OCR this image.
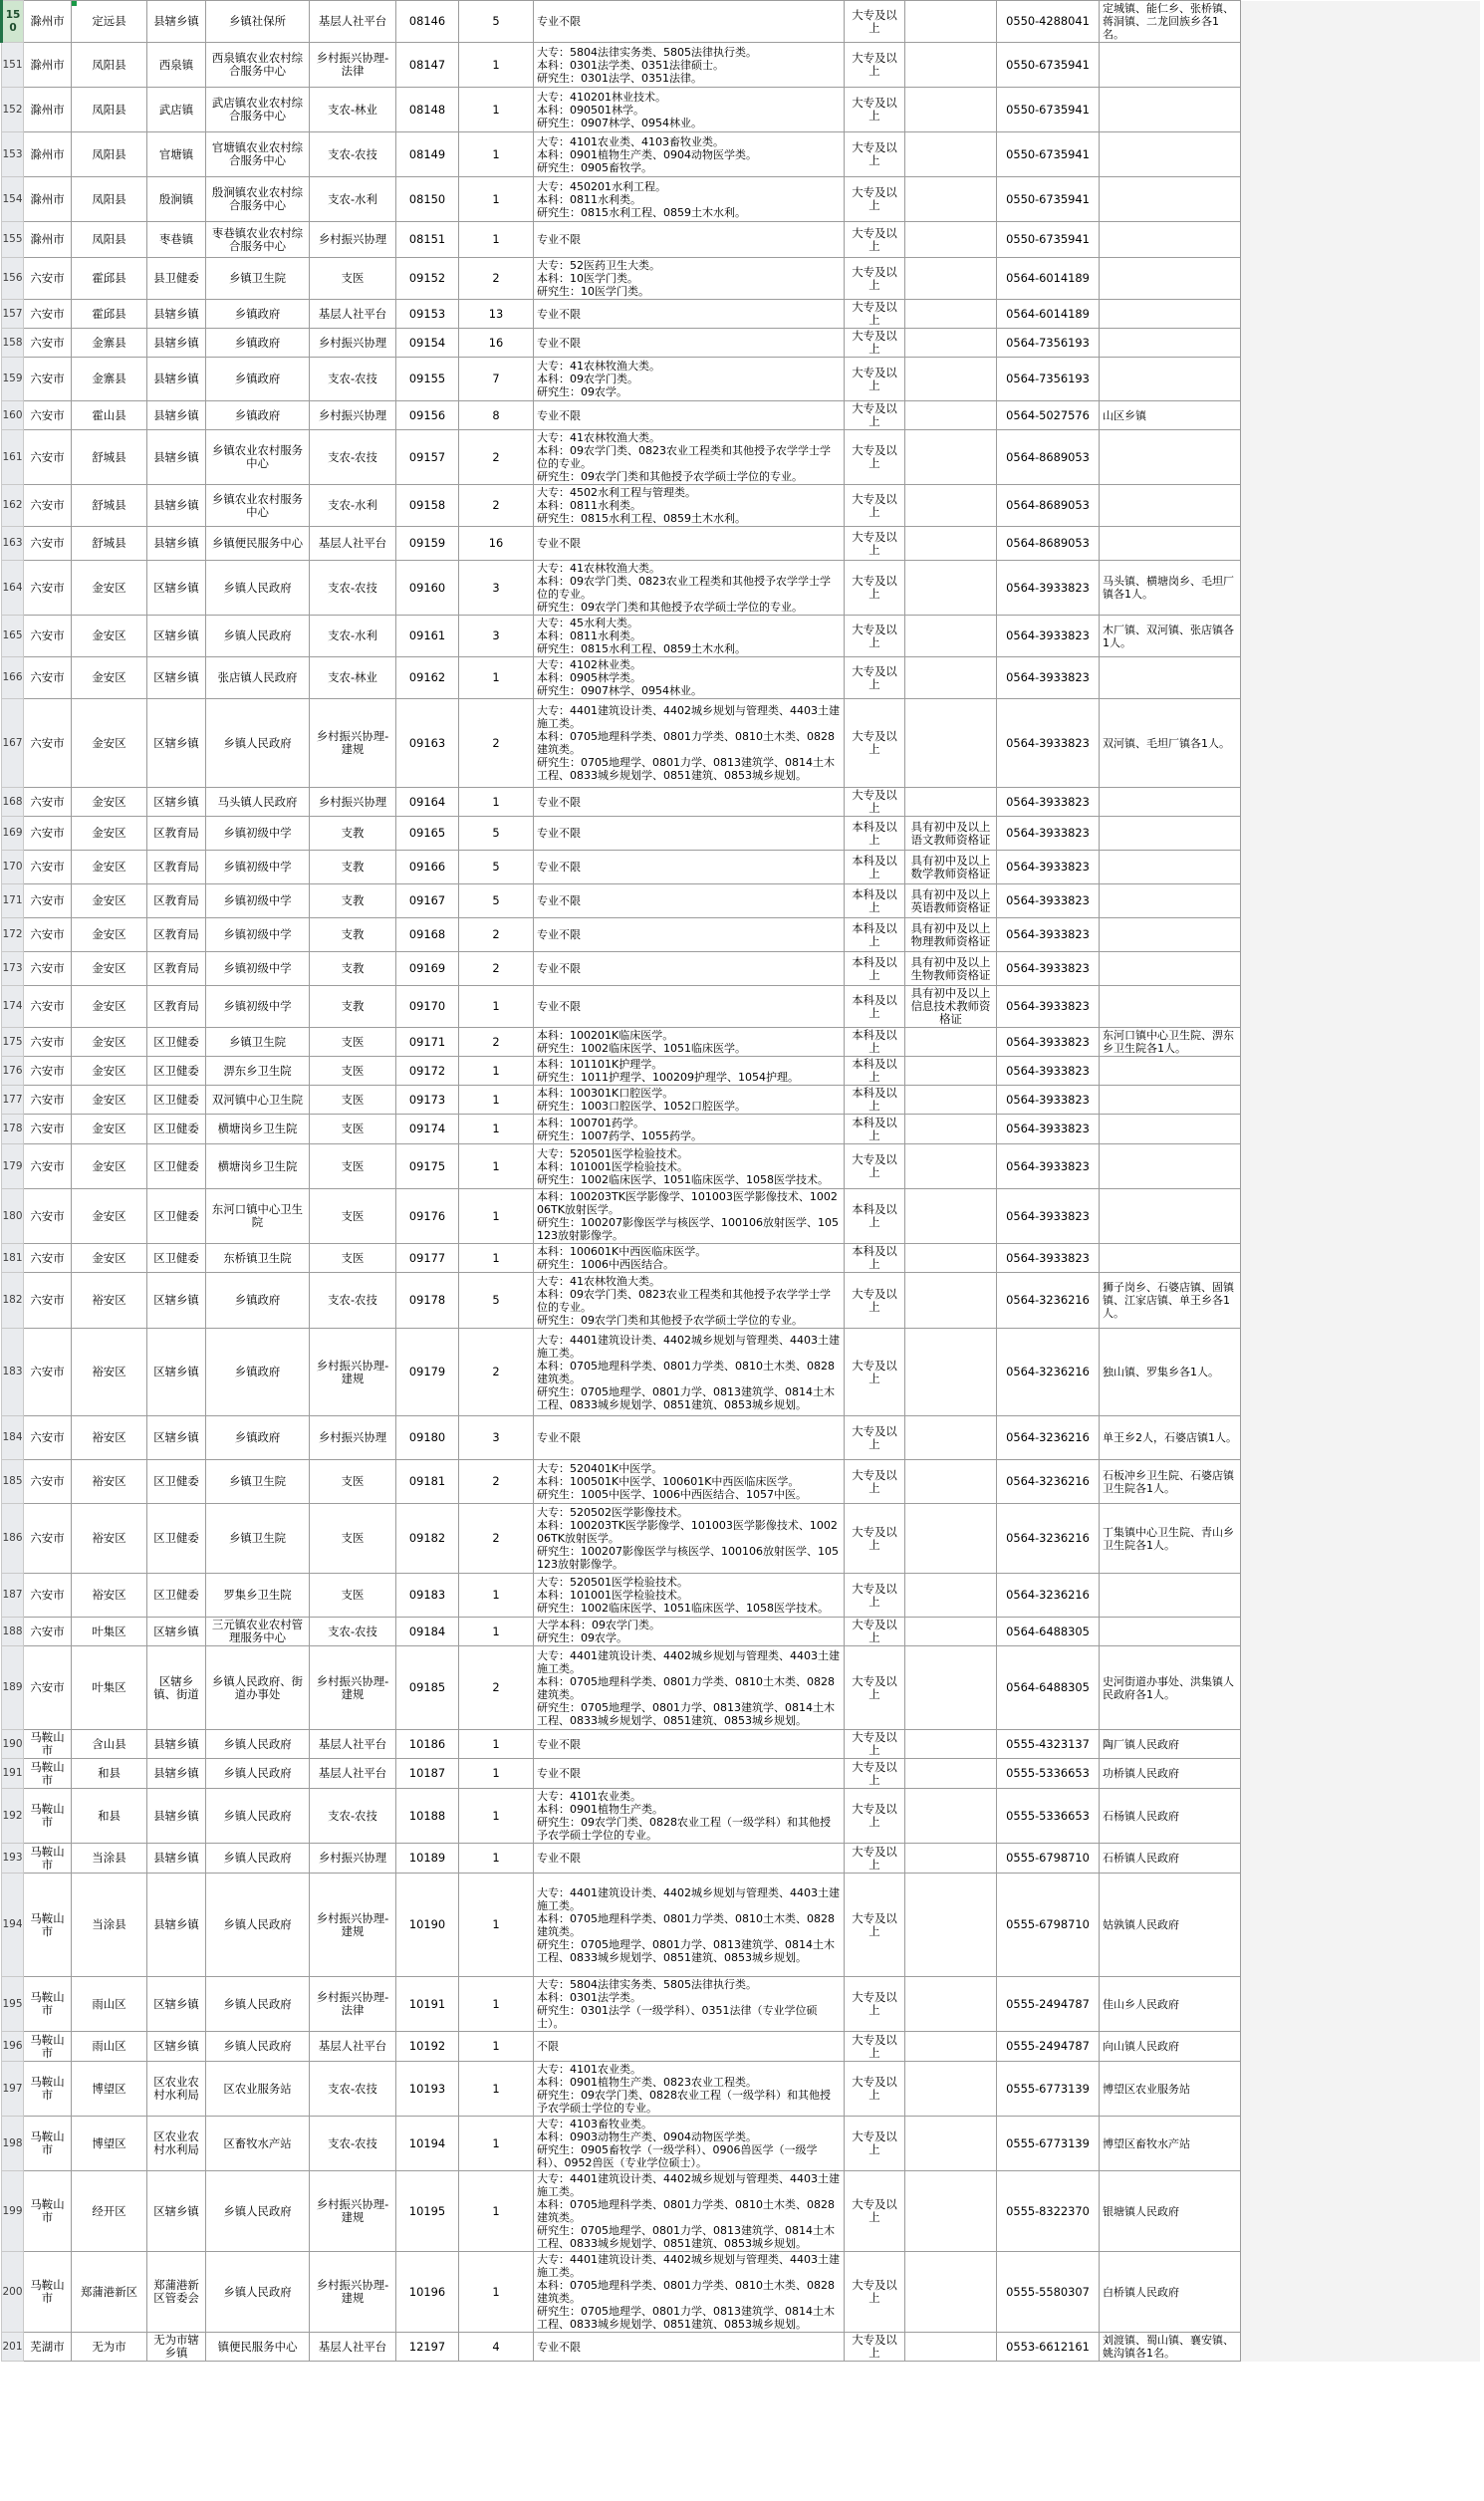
150	滁州市	定远县	县辖乡镇	乡镇社保所	基层人社平台	08146	5	专业不限	大专及以上		0550-4288041	定城镇、能仁乡、张桥镇、蒋洞镇、二龙回族乡各1名。	
151	滁州市	凤阳县	西泉镇	西泉镇农业农村综合服务中心	乡村振兴协理-法律	08147	1	大专：5804法律实务类、5805法律执行类。
本科：0301法学类、0351法律硕士。
研究生：0301法学、0351法律。	大专及以上		0550-6735941		
152	滁州市	凤阳县	武店镇	武店镇农业农村综合服务中心	支农-林业	08148	1	大专：410201林业技术。
本科：090501林学。
研究生：0907林学、0954林业。	大专及以上		0550-6735941		
153	滁州市	凤阳县	官塘镇	官塘镇农业农村综合服务中心	支农-农技	08149	1	大专：4101农业类、4103畜牧业类。
本科：0901植物生产类、0904动物医学类。
研究生：0905畜牧学。	大专及以上		0550-6735941		
154	滁州市	凤阳县	殷涧镇	殷涧镇农业农村综合服务中心	支农-水利	08150	1	大专：450201水利工程。
本科：0811水利类。
研究生：0815水利工程、0859土木水利。	大专及以上		0550-6735941		
155	滁州市	凤阳县	枣巷镇	枣巷镇农业农村综合服务中心	乡村振兴协理	08151	1	专业不限	大专及以上		0550-6735941		
156	六安市	霍邱县	县卫健委	乡镇卫生院	支医	09152	2	大专：52医药卫生大类。
本科：10医学门类。
研究生：10医学门类。	大专及以上		0564-6014189		
157	六安市	霍邱县	县辖乡镇	乡镇政府	基层人社平台	09153	13	专业不限	大专及以上		0564-6014189		
158	六安市	金寨县	县辖乡镇	乡镇政府	乡村振兴协理	09154	16	专业不限	大专及以上		0564-7356193		
159	六安市	金寨县	县辖乡镇	乡镇政府	支农-农技	09155	7	大专：41农林牧渔大类。
本科：09农学门类。
研究生：09农学。	大专及以上		0564-7356193		
160	六安市	霍山县	县辖乡镇	乡镇政府	乡村振兴协理	09156	8	专业不限	大专及以上		0564-5027576	山区乡镇	
161	六安市	舒城县	县辖乡镇	乡镇农业农村服务中心	支农-农技	09157	2	大专：41农林牧渔大类。
本科：09农学门类、0823农业工程类和其他授予农学学士学位的专业。
研究生：09农学门类和其他授予农学硕士学位的专业。	大专及以上		0564-8689053		
162	六安市	舒城县	县辖乡镇	乡镇农业农村服务中心	支农-水利	09158	2	大专：4502水利工程与管理类。
本科：0811水利类。
研究生：0815水利工程、0859土木水利。	大专及以上		0564-8689053		
163	六安市	舒城县	县辖乡镇	乡镇便民服务中心	基层人社平台	09159	16	专业不限	大专及以上		0564-8689053		
164	六安市	金安区	区辖乡镇	乡镇人民政府	支农-农技	09160	3	大专：41农林牧渔大类。
本科：09农学门类、0823农业工程类和其他授予农学学士学位的专业。
研究生：09农学门类和其他授予农学硕士学位的专业。	大专及以上		0564-3933823	马头镇、横塘岗乡、毛坦厂镇各1人。	
165	六安市	金安区	区辖乡镇	乡镇人民政府	支农-水利	09161	3	大专：45水利大类。
本科：0811水利类。
研究生：0815水利工程、0859土木水利。	大专及以上		0564-3933823	木厂镇、双河镇、张店镇各1人。	
166	六安市	金安区	区辖乡镇	张店镇人民政府	支农-林业	09162	1	大专：4102林业类。
本科：0905林学类。
研究生：0907林学、0954林业。	大专及以上		0564-3933823		
167	六安市	金安区	区辖乡镇	乡镇人民政府	乡村振兴协理-建规	09163	2	大专：4401建筑设计类、4402城乡规划与管理类、4403土建施工类。
本科：0705地理科学类、0801力学类、0810土木类、0828建筑类。
研究生：0705地理学、0801力学、0813建筑学、0814土木工程、0833城乡规划学、0851建筑、0853城乡规划。	大专及以上		0564-3933823	双河镇、毛坦厂镇各1人。	
168	六安市	金安区	区辖乡镇	马头镇人民政府	乡村振兴协理	09164	1	专业不限	大专及以上		0564-3933823		
169	六安市	金安区	区教育局	乡镇初级中学	支教	09165	5	专业不限	本科及以上	具有初中及以上语文教师资格证	0564-3933823		
170	六安市	金安区	区教育局	乡镇初级中学	支教	09166	5	专业不限	本科及以上	具有初中及以上数学教师资格证	0564-3933823		
171	六安市	金安区	区教育局	乡镇初级中学	支教	09167	5	专业不限	本科及以上	具有初中及以上英语教师资格证	0564-3933823		
172	六安市	金安区	区教育局	乡镇初级中学	支教	09168	2	专业不限	本科及以上	具有初中及以上物理教师资格证	0564-3933823		
173	六安市	金安区	区教育局	乡镇初级中学	支教	09169	2	专业不限	本科及以上	具有初中及以上生物教师资格证	0564-3933823		
174	六安市	金安区	区教育局	乡镇初级中学	支教	09170	1	专业不限	本科及以上	具有初中及以上信息技术教师资格证	0564-3933823		
175	六安市	金安区	区卫健委	乡镇卫生院	支医	09171	2	本科：100201K临床医学。
研究生：1002临床医学、1051临床医学。	本科及以上		0564-3933823	东河口镇中心卫生院、淠东乡卫生院各1人。	
176	六安市	金安区	区卫健委	淠东乡卫生院	支医	09172	1	本科：101101K护理学。
研究生：1011护理学、100209护理学、1054护理。	本科及以上		0564-3933823		
177	六安市	金安区	区卫健委	双河镇中心卫生院	支医	09173	1	本科：100301K口腔医学。
研究生：1003口腔医学、1052口腔医学。	本科及以上		0564-3933823		
178	六安市	金安区	区卫健委	横塘岗乡卫生院	支医	09174	1	本科：100701药学。
研究生：1007药学、1055药学。	本科及以上		0564-3933823		
179	六安市	金安区	区卫健委	横塘岗乡卫生院	支医	09175	1	大专：520501医学检验技术。
本科：101001医学检验技术。
研究生：1002临床医学、1051临床医学、1058医学技术。	大专及以上		0564-3933823		
180	六安市	金安区	区卫健委	东河口镇中心卫生院	支医	09176	1	本科：100203TK医学影像学、101003医学影像技术、100206TK放射医学。
研究生：100207影像医学与核医学、100106放射医学、105123放射影像学。	本科及以上		0564-3933823		
181	六安市	金安区	区卫健委	东桥镇卫生院	支医	09177	1	本科：100601K中西医临床医学。
研究生：1006中西医结合。	本科及以上		0564-3933823		
182	六安市	裕安区	区辖乡镇	乡镇政府	支农-农技	09178	5	大专：41农林牧渔大类。
本科：09农学门类、0823农业工程类和其他授予农学学士学位的专业。
研究生：09农学门类和其他授予农学硕士学位的专业。	大专及以上		0564-3236216	狮子岗乡、石婆店镇、固镇镇、江家店镇、单王乡各1人。	
183	六安市	裕安区	区辖乡镇	乡镇政府	乡村振兴协理-建规	09179	2	大专：4401建筑设计类、4402城乡规划与管理类、4403土建施工类。
本科：0705地理科学类、0801力学类、0810土木类、0828建筑类。
研究生：0705地理学、0801力学、0813建筑学、0814土木工程、0833城乡规划学、0851建筑、0853城乡规划。	大专及以上		0564-3236216	独山镇、罗集乡各1人。	
184	六安市	裕安区	区辖乡镇	乡镇政府	乡村振兴协理	09180	3	专业不限	大专及以上		0564-3236216	单王乡2人，石婆店镇1人。	
185	六安市	裕安区	区卫健委	乡镇卫生院	支医	09181	2	大专：520401K中医学。
本科：100501K中医学、100601K中西医临床医学。
研究生：1005中医学、1006中西医结合、1057中医。	大专及以上		0564-3236216	石板冲乡卫生院、石婆店镇卫生院各1人。	
186	六安市	裕安区	区卫健委	乡镇卫生院	支医	09182	2	大专：520502医学影像技术。
本科：100203TK医学影像学、101003医学影像技术、100206TK放射医学。
研究生：100207影像医学与核医学、100106放射医学、105123放射影像学。	大专及以上		0564-3236216	丁集镇中心卫生院、青山乡卫生院各1人。	
187	六安市	裕安区	区卫健委	罗集乡卫生院	支医	09183	1	大专：520501医学检验技术。
本科：101001医学检验技术。
研究生：1002临床医学、1051临床医学、1058医学技术。	大专及以上		0564-3236216		
188	六安市	叶集区	区辖乡镇	三元镇农业农村管理服务中心	支农-农技	09184	1	大学本科：09农学门类。
研究生：09农学。	大专及以上		0564-6488305		
189	六安市	叶集区	区辖乡镇、街道	乡镇人民政府、街道办事处	乡村振兴协理-建规	09185	2	大专：4401建筑设计类、4402城乡规划与管理类、4403土建施工类。
本科：0705地理科学类、0801力学类、0810土木类、0828建筑类。
研究生：0705地理学、0801力学、0813建筑学、0814土木工程、0833城乡规划学、0851建筑、0853城乡规划。	大专及以上		0564-6488305	史河街道办事处、洪集镇人民政府各1人。	
190	马鞍山市	含山县	县辖乡镇	乡镇人民政府	基层人社平台	10186	1	专业不限	大专及以上		0555-4323137	陶厂镇人民政府	
191	马鞍山市	和县	县辖乡镇	乡镇人民政府	基层人社平台	10187	1	专业不限	大专及以上		0555-5336653	功桥镇人民政府	
192	马鞍山市	和县	县辖乡镇	乡镇人民政府	支农-农技	10188	1	大专：4101农业类。
本科：0901植物生产类。
研究生：09农学门类、0828农业工程（一级学科）和其他授予农学硕士学位的专业。	大专及以上		0555-5336653	石杨镇人民政府	
193	马鞍山市	当涂县	县辖乡镇	乡镇人民政府	乡村振兴协理	10189	1	专业不限	大专及以上		0555-6798710	石桥镇人民政府	
194	马鞍山市	当涂县	县辖乡镇	乡镇人民政府	乡村振兴协理-建规	10190	1	大专：4401建筑设计类、4402城乡规划与管理类、4403土建施工类。
本科：0705地理科学类、0801力学类、0810土木类、0828建筑类。
研究生：0705地理学、0801力学、0813建筑学、0814土木工程、0833城乡规划学、0851建筑、0853城乡规划。	大专及以上		0555-6798710	姑孰镇人民政府	
195	马鞍山市	雨山区	区辖乡镇	乡镇人民政府	乡村振兴协理-法律	10191	1	大专：5804法律实务类、5805法律执行类。
本科：0301法学类。
研究生：0301法学（一级学科）、0351法律（专业学位硕士）。	大专及以上		0555-2494787	佳山乡人民政府	
196	马鞍山市	雨山区	区辖乡镇	乡镇人民政府	基层人社平台	10192	1	不限	大专及以上		0555-2494787	向山镇人民政府	
197	马鞍山市	博望区	区农业农村水利局	区农业服务站	支农-农技	10193	1	大专：4101农业类。
本科：0901植物生产类、0823农业工程类。
研究生：09农学门类、0828农业工程（一级学科）和其他授予农学硕士学位的专业。	大专及以上		0555-6773139	博望区农业服务站	
198	马鞍山市	博望区	区农业农村水利局	区畜牧水产站	支农-农技	10194	1	大专：4103畜牧业类。
本科：0903动物生产类、0904动物医学类。
研究生：0905畜牧学（一级学科）、0906兽医学（一级学科）、0952兽医（专业学位硕士）。	大专及以上		0555-6773139	博望区畜牧水产站	
199	马鞍山市	经开区	区辖乡镇	乡镇人民政府	乡村振兴协理-建规	10195	1	大专：4401建筑设计类、4402城乡规划与管理类、4403土建施工类。
本科：0705地理科学类、0801力学类、0810土木类、0828建筑类。
研究生：0705地理学、0801力学、0813建筑学、0814土木工程、0833城乡规划学、0851建筑、0853城乡规划。	大专及以上		0555-8322370	银塘镇人民政府	
200	马鞍山市	郑蒲港新区	郑蒲港新区管委会	乡镇人民政府	乡村振兴协理-建规	10196	1	大专：4401建筑设计类、4402城乡规划与管理类、4403土建施工类。
本科：0705地理科学类、0801力学类、0810土木类、0828建筑类。
研究生：0705地理学、0801力学、0813建筑学、0814土木工程、0833城乡规划学、0851建筑、0853城乡规划。	大专及以上		0555-5580307	白桥镇人民政府	
201	芜湖市	无为市	无为市辖乡镇	镇便民服务中心	基层人社平台	12197	4	专业不限	大专及以上		0553-6612161	刘渡镇、蜀山镇、襄安镇、姚沟镇各1名。	
